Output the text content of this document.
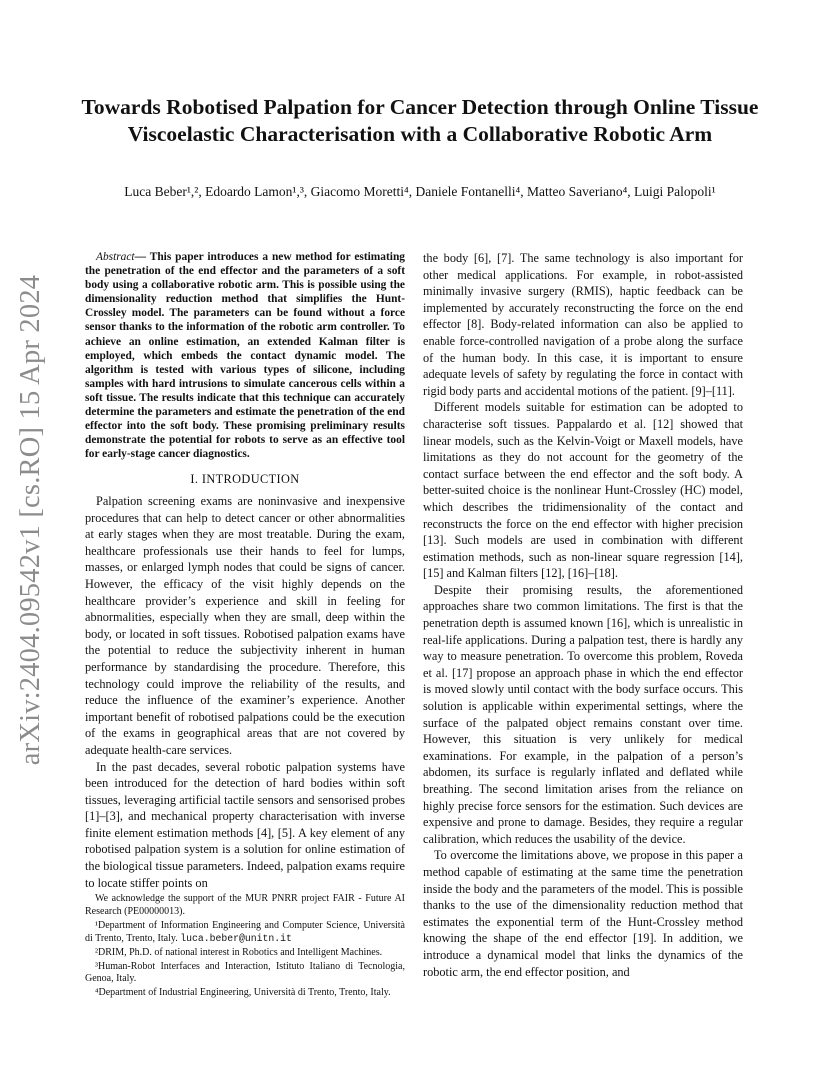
arXiv:2404.09542v1 [cs.RO] 15 Apr 2024
Towards Robotised Palpation for Cancer Detection through Online Tissue Viscoelastic Characterisation with a Collaborative Robotic Arm
Luca Beber¹,², Edoardo Lamon¹,³, Giacomo Moretti⁴, Daniele Fontanelli⁴, Matteo Saveriano⁴, Luigi Palopoli¹

Abstract— This paper introduces a new method for estimating the penetration of the end effector and the parameters of a soft body using a collaborative robotic arm. This is possible using the dimensionality reduction method that simplifies the Hunt-Crossley model. The parameters can be found without a force sensor thanks to the information of the robotic arm controller. To achieve an online estimation, an extended Kalman filter is employed, which embeds the contact dynamic model. The algorithm is tested with various types of silicone, including samples with hard intrusions to simulate cancerous cells within a soft tissue. The results indicate that this technique can accurately determine the parameters and estimate the penetration of the end effector into the soft body. These promising preliminary results demonstrate the potential for robots to serve as an effective tool for early-stage cancer diagnostics.

I. INTRODUCTION

Palpation screening exams are noninvasive and inexpensive procedures that can help to detect cancer or other abnormalities at early stages when they are most treatable. During the exam, healthcare professionals use their hands to feel for lumps, masses, or enlarged lymph nodes that could be signs of cancer. However, the efficacy of the visit highly depends on the healthcare provider’s experience and skill in feeling for abnormalities, especially when they are small, deep within the body, or located in soft tissues. Robotised palpation exams have the potential to reduce the subjectivity inherent in human performance by standardising the procedure. Therefore, this technology could improve the reliability of the results, and reduce the influence of the examiner’s experience. Another important benefit of robotised palpations could be the execution of the exams in geographical areas that are not covered by adequate health-care services.

In the past decades, several robotic palpation systems have been introduced for the detection of hard bodies within soft tissues, leveraging artificial tactile sensors and sensorised probes [1]–[3], and mechanical property characterisation with inverse finite element estimation methods [4], [5]. A key element of any robotised palpation system is a solution for online estimation of the biological tissue parameters. Indeed, palpation exams require to locate stiffer points on

We acknowledge the support of the MUR PNRR project FAIR - Future AI Research (PE00000013).

¹Department of Information Engineering and Computer Science, Università di Trento, Trento, Italy. luca.beber@unitn.it

²DRIM, Ph.D. of national interest in Robotics and Intelligent Machines.

³Human-Robot Interfaces and Interaction, Istituto Italiano di Tecnologia, Genoa, Italy.

⁴Department of Industrial Engineering, Università di Trento, Trento, Italy.

the body [6], [7]. The same technology is also important for other medical applications. For example, in robot-assisted minimally invasive surgery (RMIS), haptic feedback can be implemented by accurately reconstructing the force on the end effector [8]. Body-related information can also be applied to enable force-controlled navigation of a probe along the surface of the human body. In this case, it is important to ensure adequate levels of safety by regulating the force in contact with rigid body parts and accidental motions of the patient. [9]–[11].

Different models suitable for estimation can be adopted to characterise soft tissues. Pappalardo et al. [12] showed that linear models, such as the Kelvin-Voigt or Maxell models, have limitations as they do not account for the geometry of the contact surface between the end effector and the soft body. A better-suited choice is the nonlinear Hunt-Crossley (HC) model, which describes the tridimensionality of the contact and reconstructs the force on the end effector with higher precision [13]. Such models are used in combination with different estimation methods, such as non-linear square regression [14], [15] and Kalman filters [12], [16]–[18].

Despite their promising results, the aforementioned approaches share two common limitations. The first is that the penetration depth is assumed known [16], which is unrealistic in real-life applications. During a palpation test, there is hardly any way to measure penetration. To overcome this problem, Roveda et al. [17] propose an approach phase in which the end effector is moved slowly until contact with the body surface occurs. This solution is applicable within experimental settings, where the surface of the palpated object remains constant over time. However, this situation is very unlikely for medical examinations. For example, in the palpation of a person’s abdomen, its surface is regularly inflated and deflated while breathing. The second limitation arises from the reliance on highly precise force sensors for the estimation. Such devices are expensive and prone to damage. Besides, they require a regular calibration, which reduces the usability of the device.

To overcome the limitations above, we propose in this paper a method capable of estimating at the same time the penetration inside the body and the parameters of the model. This is possible thanks to the use of the dimensionality reduction method that estimates the exponential term of the Hunt-Crossley method knowing the shape of the end effector [19]. In addition, we introduce a dynamical model that links the dynamics of the robotic arm, the end effector position, and
